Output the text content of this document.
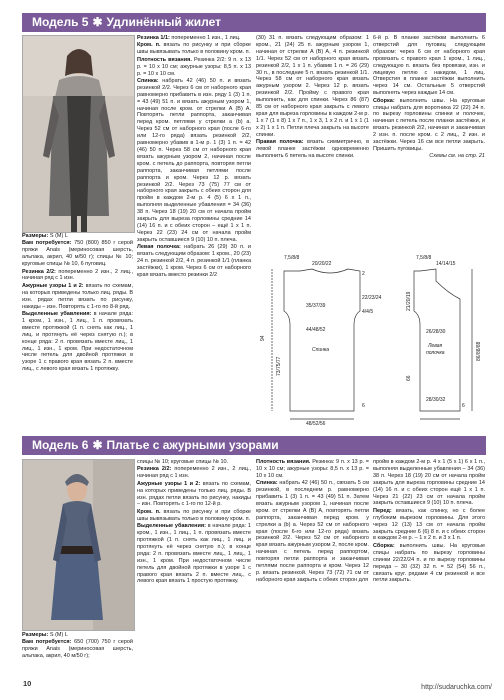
Модель 5 ✱ Удлинённый жилет

Размеры: S (M) L

Вам потребуется: 750 (800) 850 г серой пряжи Anais (мериносовая шерсть, альпака, акрил, 40 м/50 г); спицы № 10; круговые спицы № 10, 6 пуговиц.

Резинка 2/2: попеременно 2 изн., 2 лиц., начиная ряд с 1 изн.

Ажурные узоры 1 и 2: вязать по схемам, на которых приведены только лиц. ряды. В изн. рядах петли вязать по рисунку, накиды – изн. Повторять с 1-го по 8-й ряд.

Выделенные убавления: в начале ряда: 1 кром., 1 изн., 1 лиц., 1 п. провязать вместе протяжкой (1 п. снять как лиц., 1 лиц. и протянуть её через снятую п.); в конце ряда: 2 п. провязать вместе лиц., 1 лиц., 1 изн., 1 кром. При недостаточном числе петель для двойной протяжки в узоре 1 с правого края вязать 2 п. вместе лиц., с левого края вязать 1 протяжку.

Резинка 1/1: попеременно 1 изн., 1 лиц.

Кром. п. вязать по рисунку и при сборке швы вывязывать только в половину кром. п.

Плотность вязания. Резинка 2/2: 9 п. x 13 р. = 10 x 10 см; ажурные узоры: 8,5 п. x 13 р. = 10 x 10 см.

Спинка: набрать 42 (46) 50 п. и вязать резинкой 2/2. Через 6 см от наборного края равномерно прибавить в изн. ряду 1 (3) 1 п. = 43 (49) 51 п. и вязать ажурным узором 1, начиная после кром. от стрелки A (B) A. Повторять петли раппорта, заканчивая перед кром. петлями у стрелки a (b) a. Через 52 см от наборного края (после 6-го или 12-го ряда) вязать резинкой 2/2, равномерно убавив в 1-м р. 1 (3) 1 п. = 42 (46) 50 п. Через 58 см от наборного края вязать ажурным узором 2, начиная после кром. с петель до раппорта, повторяя петли раппорта, заканчивая петлями после раппорта и кром. Через 12 р. вязать резинкой 2/2. Через 73 (75) 77 см от наборного края закрыть с обеих сторон для пройм в каждом 2-м р. 4 (5) 6 x 1 п., выполняя выделенные убавления = 34 (36) 38 п. Через 18 (19) 20 см от начала пройм закрыть для выреза горловины средние 14 (14) 16 п. и с обеих сторон – ещё 1 x 1 п. Через 22 (23) 24 см от начала пройм закрыть оставшиеся 9 (10) 10 п. плеча.

Левая полочка: набрать 26 (29) 30 п. и вязать следующим образом: 1 кром., 20 (23) 24 п. резинкой 2/2, 4 п. резинкой 1/1 (планка застёжки), 1 кром. Через 6 см от наборного края вязать вместо резинки 2/2

(30) 31 п. вязать следующим образом: 1 кром., 21 (24) 25 п. ажурным узором 1, начиная от стрелки A (B) A, 4 п. резинкой 1/1. Через 52 см от наборного края вязать резинкой 2/2, 1 х 1 п. убавив 1 п. = 26 (29) 30 п., в последние 5 п. вязать резинкой 1/1. Через 58 см от наборного края вязать ажурным узором 2. Через 12 р. вязать резинкой 2/2. Пройму с правого края выполнить, как для спинки. Через 86 (87) 85 см от наборного края закрыть с левого края для выреза горловины в каждом 2-м р. 1 x 7 (1 x 8) 1 x 7 п., 1 x 3, 1 x 2 п. и 1 x 1 (1 x 2) 1 x 1 п. Петли плеча закрыть на высоте спинки.

Правая полочка: вязать симметрично, в левой планке застёжки одновременно выполнить 6 петель на высоте спинки.

6-й р. В планке застёжки выполнить 6 отверстий для пуговиц следующим образом: через 6 см от наборного края провязать с правого края 1 кром., 1 лиц., следующую п. вязать без провязки, изн. и лицевую петлю с накидом, 1 лиц. Отверстия в планке застёжки выполнить через 14 см. Остальные 5 отверстий выполнять через каждые 14 см.

Сборка: выполнить швы. На круговые спицы набрать для воротника 22 (22) 24 п. по вырезу горловины спинки и полочек, начиная с петель после планки застёжки, и вязать резинкой 2/2, начиная и заканчивая 2 изн. п. после кром. с 2 лиц., 2 изн. и застёжки. Через 16 см все петли закрыть. Пришить пуговицы.

Схемы см. на стр. 21

Спинка
Левая
полочка
20/20/22
7,5/8/8
14/14/15
7,5/8/8
2
22/23/24
4/4/5
35/37/39
44/48/52
48/52/56
6	6
28/30/32
26/28/30
94
73/75/77
21/20/19
66
86/88/88
Модель 6 ✱ Платье с ажурными узорами

Размеры: S (M) L

Вам потребуется: 650 (700) 750 г серой пряжи Anais (мериносовая шерсть, альпака, акрил, 40 м/50 г);

спицы № 10; круговые спицы № 10.

Резинка 2/2: попеременно 2 изн., 2 лиц., начиная ряд с 1 изн.

Ажурные узоры 1 и 2: вязать по схемам, на которых приведены только лиц. ряды. В изн. рядах петли вязать по рисунку, накиды – изн. Повторять с 1-го по 12-й р.

Кром. п. вязать по рисунку и при сборке швы вывязывать только в половину кром. п.

Выделенные убавления: в начале ряда: 1 кром., 1 изн., 1 лиц., 1 п. провязать вместе протяжкой (1 п. снять как лиц., 1 лиц. и протянуть её через снятую п.); в конце ряда: 2 п. провязать вместе лиц., 1 лиц., 1 изн., 1 кром. При недостаточном числе петель для двойной протяжки в узоре 1 с правого края вязать 2 п. вместе лиц., с левого края вязать 1 простую протяжку.

Плотность вязания. Резинка: 9 п. x 13 р. = 10 x 10 см; ажурные узоры: 8,5 п. x 13 р. = 10 x 10 см.

Спинка: набрать 42 (46) 50 п., связать 5 см резинкой, в последнем р. равномерно прибавить 1 (3) 1 п. = 43 (49) 51 п. Затем вязать ажурным узором 1, начиная после кром. от стрелки A (B) A, повторять петли раппорта, заканчивая перед кром. у стрелки a (b) a. Через 52 см от наборного края (после 6-го или 12-го ряда) вязать резинкой 2/2. Через 52 см от наборного края вязать ажурным узором 2, после кром. начиная с петель перед раппортом, повторяя петли раппорта и заканчивая петлями после раппорта и кром. Через 12 р. вязать резинкой. Через 73 (72) 71 см от наборного края закрыть с обеих сторон для

пройм в каждом 2-м р. 4 x 1 (5 x 1) 6 x 1 п., выполняя выделенные убавления – 34 (36) 38 п. Через 18 (19) 20 см от начала пройм закрыть для выреза горловины средние 14 (14) 16 п. и с обеих сторон ещё 1 x 1 п. Через 21 (22) 23 см от начала пройм закрыть оставшиеся 9 (10) 10 п. плеча.

Перед: вязать, как спинку, но с более глубоким вырезом горловины. Для этого через 12 (13) 13 см от начала пройм закрыть средние 6 (6) 8 п. и с обеих сторон в каждом 2-м р. – 1 x 2 п. и 3 x 1 п.

Сборка: выполнить швы. На круговые спицы набрать по вырезу горловины спинки 22/22/24 п. и по вырезу горловины переда – 30 (32) 32 п. = 52 (54) 56 п., связать круг. рядами 4 см резинкой и все петли закрыть.

10	http://sudaruchka.com/
